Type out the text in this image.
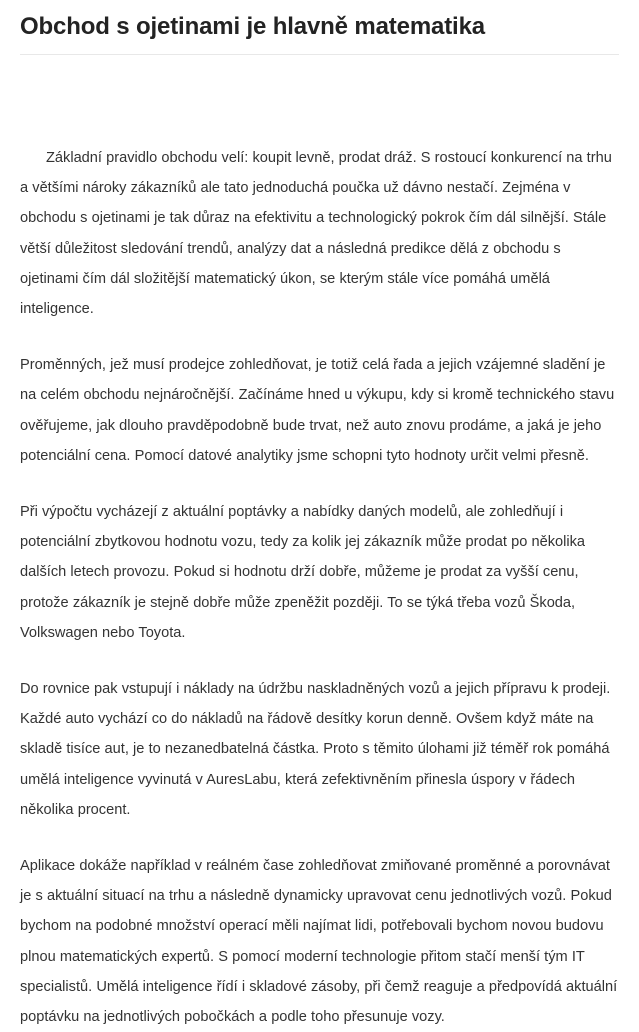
Obchod s ojetinami je hlavně matematika

Základní pravidlo obchodu velí: koupit levně, prodat dráž. S rostoucí konkurencí na trhu a většími nároky zákazníků ale tato jednoduchá poučka už dávno nestačí. Zejména v obchodu s ojetinami je tak důraz na efektivitu a technologický pokrok čím dál silnější. Stále větší důležitost sledování trendů, analýzy dat a následná predikce dělá z obchodu s ojetinami čím dál složitější matematický úkon, se kterým stále více pomáhá umělá inteligence.

Proměnných, jež musí prodejce zohledňovat, je totiž celá řada a jejich vzájemné sladění je na celém obchodu nejnáročnější. Začínáme hned u výkupu, kdy si kromě technického stavu ověřujeme, jak dlouho pravděpodobně bude trvat, než auto znovu prodáme, a jaká je jeho potenciální cena. Pomocí datové analytiky jsme schopni tyto hodnoty určit velmi přesně.

Při výpočtu vycházejí z aktuální poptávky a nabídky daných modelů, ale zohledňují i potenciální zbytkovou hodnotu vozu, tedy za kolik jej zákazník může prodat po několika dalších letech provozu. Pokud si hodnotu drží dobře, můžeme je prodat za vyšší cenu, protože zákazník je stejně dobře může zpeněžit později. To se týká třeba vozů Škoda, Volkswagen nebo Toyota.

Do rovnice pak vstupují i náklady na údržbu naskladněných vozů a jejich přípravu k prodeji. Každé auto vychází co do nákladů na řádově desítky korun denně. Ovšem když máte na skladě tisíce aut, je to nezanedbatelná částka. Proto s těmito úlohami již téměř rok pomáhá umělá inteligence vyvinutá v AuresLabu, která zefektivněním přinesla úspory v řádech několika procent.

Aplikace dokáže například v reálném čase zohledňovat zmiňované proměnné a porovnávat je s aktuální situací na trhu a následně dynamicky upravovat cenu jednotlivých vozů. Pokud bychom na podobné množství operací měli najímat lidi, potřebovali bychom novou budovu plnou matematických expertů. S pomocí moderní technologie přitom stačí menší tým IT specialistů. Umělá inteligence řídí i skladové zásoby, při čemž reaguje a předpovídá aktuální poptávku na jednotlivých pobočkách a podle toho přesunuje vozy.
